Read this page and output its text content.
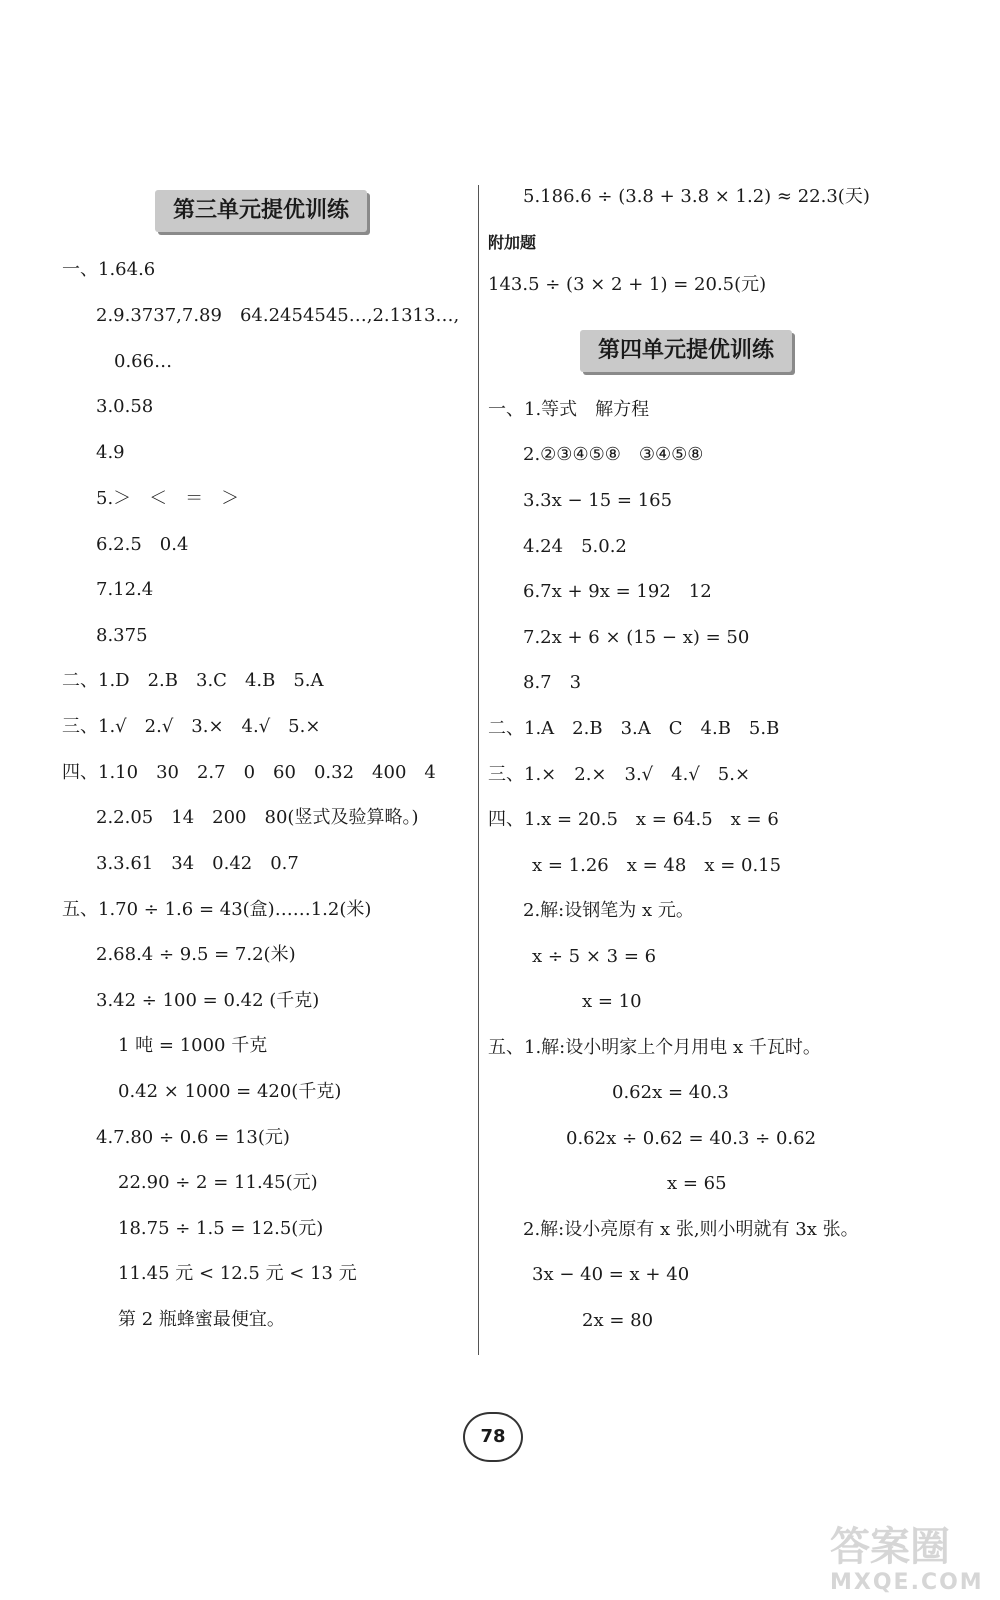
第三单元提优训练
一、1.64.6
2.9.3737,7.89　64.2454545…,2.1313…,
0.66…
3.0.58
4.9
5.＞　＜　＝　＞
6.2.5　0.4
7.12.4
8.375
二、1.D　2.B　3.C　4.B　5.A
三、1.√　2.√　3.×　4.√　5.×
四、1.10　30　2.7　0　60　0.32　400　4
2.2.05　14　200　80(竖式及验算略。)
3.3.61　34　0.42　0.7
五、1.70 ÷ 1.6 = 43(盒)……1.2(米)
2.68.4 ÷ 9.5 = 7.2(米)
3.42 ÷ 100 = 0.42 (千克)
1 吨 = 1000 千克
0.42 × 1000 = 420(千克)
4.7.80 ÷ 0.6 = 13(元)
22.90 ÷ 2 = 11.45(元)
18.75 ÷ 1.5 = 12.5(元)
11.45 元 < 12.5 元 < 13 元
第 2 瓶蜂蜜最便宜。
5.186.6 ÷ (3.8 + 3.8 × 1.2) ≈ 22.3(天)
附加题
143.5 ÷ (3 × 2 + 1) = 20.5(元)
第四单元提优训练
一、1.等式　解方程
2.②③④⑤⑧　③④⑤⑧
3.3x − 15 = 165
4.24　5.0.2
6.7x + 9x = 192　12
7.2x + 6 × (15 − x) = 50
8.7　3
二、1.A　2.B　3.A　C　4.B　5.B
三、1.×　2.×　3.√　4.√　5.×
四、1.x = 20.5　x = 64.5　x = 6
x = 1.26　x = 48　x = 0.15
2.解:设钢笔为 x 元。
x ÷ 5 × 3 = 6
x = 10
五、1.解:设小明家上个月用电 x 千瓦时。
0.62x = 40.3
0.62x ÷ 0.62 = 40.3 ÷ 0.62
x = 65
2.解:设小亮原有 x 张,则小明就有 3x 张。
3x − 40 = x + 40
2x = 80
78
答案圈
MXQE.COM
